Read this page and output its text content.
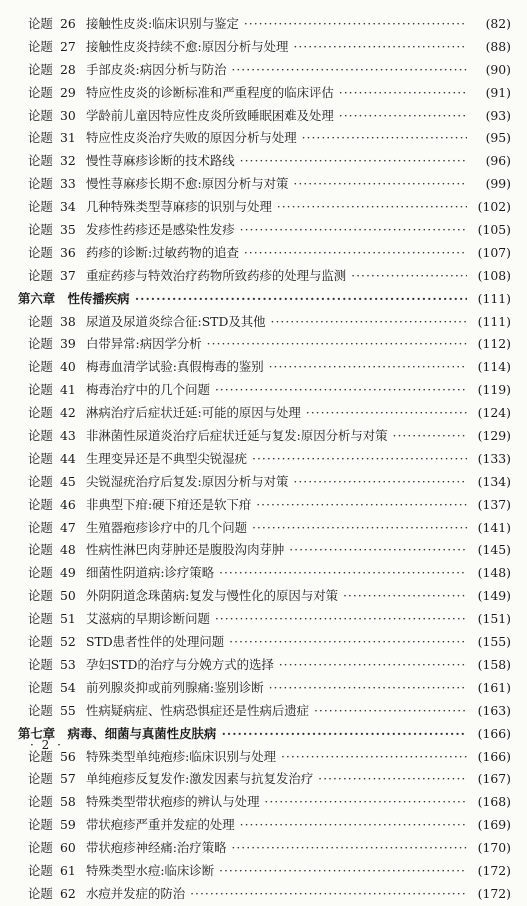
论题 26 接触性皮炎:临床识别与鉴定 ·····	(82)
论题 27 接触性皮炎持续不愈:原因分析与处理 ·····	(88)
论题 28 手部皮炎:病因分析与防治 ·····	(90)
论题 29 特应性皮炎的诊断标准和严重程度的临床评估 ·····	(91)
论题 30 学龄前儿童因特应性皮炎所致睡眠困难及处理 ·····	(93)
论题 31 特应性皮炎治疗失败的原因分析与处理 ·····	(95)
论题 32 慢性荨麻疹诊断的技术路线 ·····	(96)
论题 33 慢性荨麻疹长期不愈:原因分析与对策 ·····	(99)
论题 34 几种特殊类型荨麻疹的识别与处理 ·····	(102)
论题 35 发疹性药疹还是感染性发疹 ·····	(105)
论题 36 药疹的诊断:过敏药物的追查 ·····	(107)
论题 37 重症药疹与特效治疗药物所致药疹的处理与监测 ·····	(108)
第六章　性传播疾病 ·····	(111)
论题 38 尿道及尿道炎综合征:STD及其他 ·····	(111)
论题 39 白带异常:病因学分析 ·····	(112)
论题 40 梅毒血清学试验:真假梅毒的鉴别 ·····	(114)
论题 41 梅毒治疗中的几个问题 ·····	(119)
论题 42 淋病治疗后症状迁延:可能的原因与处理 ·····	(124)
论题 43 非淋菌性尿道炎治疗后症状迁延与复发:原因分析与对策 ·····	(129)
论题 44 生理变异还是不典型尖锐湿疣 ·····	(133)
论题 45 尖锐湿疣治疗后复发:原因分析与对策 ·····	(134)
论题 46 非典型下疳:硬下疳还是软下疳 ·····	(137)
论题 47 生殖器疱疹诊疗中的几个问题 ·····	(141)
论题 48 性病性淋巴肉芽肿还是腹股沟肉芽肿 ·····	(145)
论题 49 细菌性阴道病:诊疗策略 ·····	(148)
论题 50 外阴阴道念珠菌病:复发与慢性化的原因与对策 ·····	(149)
论题 51 艾滋病的早期诊断问题 ·····	(151)
论题 52 STD患者性伴的处理问题 ·····	(155)
论题 53 孕妇STD的治疗与分娩方式的选择 ·····	(158)
论题 54 前列腺炎抑或前列腺痛:鉴别诊断 ·····	(161)
论题 55 性病疑病症、性病恐惧症还是性病后遗症 ·····	(163)
第七章　病毒、细菌与真菌性皮肤病 ·····	(166)
论题 56 特殊类型单纯疱疹:临床识别与处理 ·····	(166)
论题 57 单纯疱疹反复发作:激发因素与抗复发治疗 ·····	(167)
论题 58 特殊类型带状疱疹的辨认与处理 ·····	(168)
论题 59 带状疱疹严重并发症的处理 ·····	(169)
论题 60 带状疱疹神经痛:治疗策略 ·····	(170)
论题 61 特殊类型水痘:临床诊断 ·····	(172)
论题 62 水痘并发症的防治 ·····	(172)
· 2 ·
